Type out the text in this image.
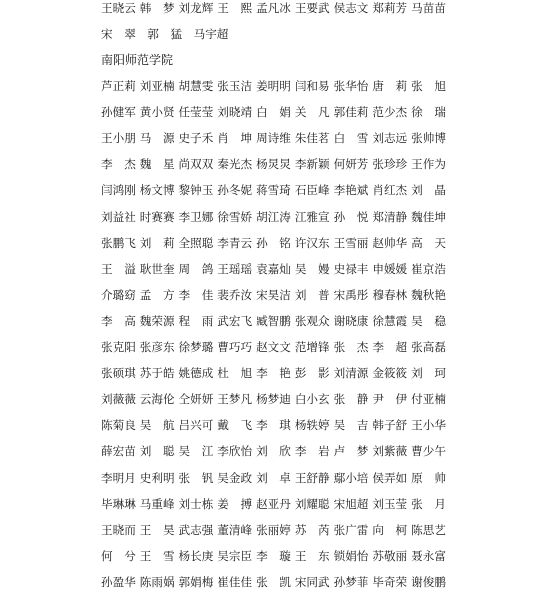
王晓云 韩　梦 刘龙辉 王　熙 孟凡冰 王要武 侯志文 郑莉芳 马苗苗
宋　翠 郭　猛 马宇超
南阳师范学院
芦正莉 刘亚楠 胡慧雯 张玉洁 姜明明 闫和易 张华怡 唐　莉 张　旭
孙健军 黄小贤 任莹莹 刘晓靖 白　娟 关　凡 郭佳莉 范少杰 徐　瑞
王小朋 马　源 史子禾 肖　坤 周诗维 朱佳茗 白　雪 刘志远 张帅博
李　杰 魏　星 尚双双 秦光杰 杨炅炅 李新颖 何妍芳 张珍珍 王作为
闫鸿刚 杨文博 黎钟玉 孙冬妮 蒋雪琦 石臣峰 李艳斌 肖红杰 刘　晶
刘益社 时赛赛 李卫娜 徐雪娇 胡江涛 江雅宣 孙　悦 郑清静 魏佳坤
张鹏飞 刘　莉 全照聪 李青云 孙　铭 许汉东 王雪丽 赵帅华 高　天
王　溢 耿世奎 周　鸽 王瑶瑶 袁嘉灿 吴　嫚 史禄丰 申媛媛 崔京浩
介璐窈 孟　方 李　佳 裴乔汝 宋昊洁 刘　普 宋禹彤 穆春林 魏秋艳
李　高 魏荣源 程　雨 武宏飞 臧智鹏 张观众 谢晓康 徐慧霞 吴　稳
张克阳 张彦东 徐梦璐 曹巧巧 赵文文 范增锋 张　杰 李　超 张高磊
张硕琪 苏于皓 姚德成 杜　旭 李　艳 彭　影 刘清源 金筱筱 刘　珂
刘薇薇 云海伦 仝妍妍 王梦凡 杨梦迪 白小玄 张　静 尹　伊 付亚楠
陈菊良 吴　航 吕兴可 戴　飞 李　琪 杨轶婷 吴　吉 韩子舒 王小华
薛宏苗 刘　聪 吴　江 李欣怡 刘　欣 李　岩 卢　梦 刘紫薇 曹少午
李明月 史利明 张　钒 吴金政 刘　卓 王舒静 鄢小培 侯弄如 原　帅
毕琳琳 马重峰 刘士栋 姜　搏 赵亚丹 刘耀聪 宋旭超 刘玉莹 张　月
王晓而 王　昊 武志强 董清峰 张丽婷 苏　芮 张广雷 向　柯 陈思艺
何　兮 王　雪 杨长庚 吴宗臣 李　璇 王　东 锁娟怡 苏敬丽 聂永富
孙盈华 陈雨娲 郭娟梅 崔佳佳 张　凯 宋同武 孙梦菲 毕奇荣 谢俊鹏
